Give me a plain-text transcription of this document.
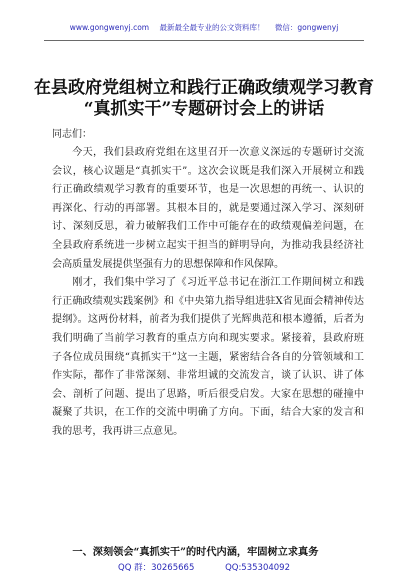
www.gongwenyj.com 最新最全最专业的公文资料库！ 微信：gongwenyj
在县政府党组树立和践行正确政绩观学习教育
“真抓实干”专题研讨会上的讲话
同志们：

今天，我们县政府党组在这里召开一次意义深远的专题研讨交流会议，核心议题是“真抓实干”。这次会议既是我们深入开展树立和践行正确政绩观学习教育的重要环节，也是一次思想的再统一、认识的再深化、行动的再部署。其根本目的，就是要通过深入学习、深刻研讨、深刻反思，着力破解我们工作中可能存在的政绩观偏差问题，在全县政府系统进一步树立起实干担当的鲜明导向，为推动我县经济社会高质量发展提供坚强有力的思想保障和作风保障。

刚才，我们集中学习了《习近平总书记在浙江工作期间树立和践行正确政绩观实践案例》和《中央第九指导组进驻X省见面会精神传达提纲》。这两份材料，前者为我们提供了光辉典范和根本遵循，后者为我们明确了当前学习教育的重点方向和现实要求。紧接着，县政府班子各位成员围绕“真抓实干”这一主题，紧密结合各自的分管领域和工作实际，都作了非常深刻、非常坦诚的交流发言，谈了认识、讲了体会、剖析了问题、提出了思路，听后很受启发。大家在思想的碰撞中凝聚了共识，在工作的交流中明确了方向。下面，结合大家的发言和我的思考，我再讲三点意见。

一、深刻领会“真抓实干”的时代内涵，牢固树立求真务
QQ 群：30265665	QQ:535304092
